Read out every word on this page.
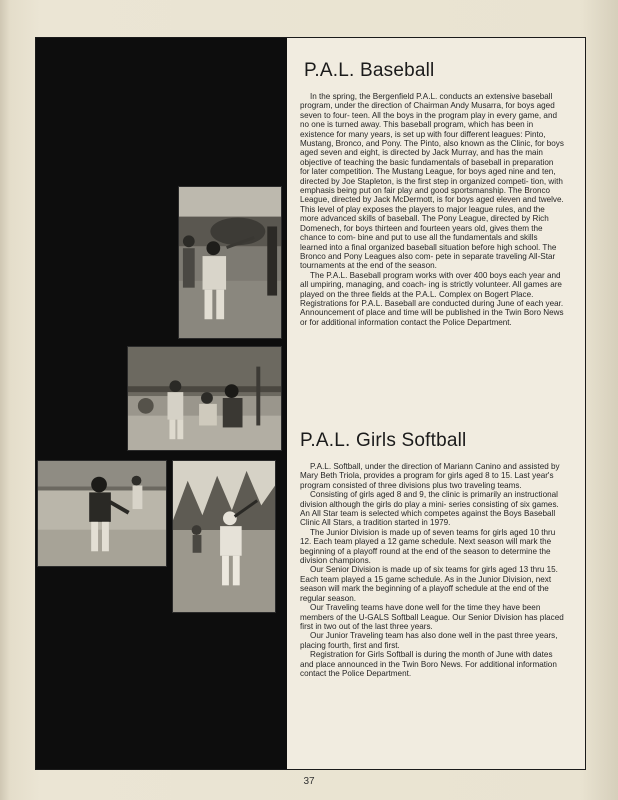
P.A.L. Baseball

In the spring, the Bergenfield P.A.L. conducts an extensive baseball program, under the direction of Chairman Andy Musarra, for boys aged seven to four- teen. All the boys in the program play in every game, and no one is turned away. This baseball program, which has been in existence for many years, is set up with four different leagues: Pinto, Mustang, Bronco, and Pony. The Pinto, also known as the Clinic, for boys aged seven and eight, is directed by Jack Murray, and has the main objective of teaching the basic fundamentals of baseball in preparation for later competition. The Mustang League, for boys aged nine and ten, directed by Joe Stapleton, is the first step in organized competi- tion, with emphasis being put on fair play and good sportsmanship. The Bronco League, directed by Jack McDermott, is for boys aged eleven and twelve. This level of play exposes the players to major league rules, and the more advanced skills of baseball. The Pony League, directed by Rich Domenech, for boys thirteen and fourteen years old, gives them the chance to com- bine and put to use all the fundamentals and skills learned into a final organized baseball situation before high school. The Bronco and Pony Leagues also com- pete in separate traveling All-Star tournaments at the end of the season.

The P.A.L. Baseball program works with over 400 boys each year and all umpiring, managing, and coach- ing is strictly volunteer. All games are played on the three fields at the P.A.L. Complex on Bogert Place. Registrations for P.A.L. Baseball are conducted during June of each year. Announcement of place and time will be published in the Twin Boro News or for additional information contact the Police Department.

P.A.L. Girls Softball

P.A.L. Softball, under the direction of Mariann Canino and assisted by Mary Beth Triola, provides a program for girls aged 8 to 15. Last year's program consisted of three divisions plus two traveling teams.

Consisting of girls aged 8 and 9, the clinic is primarily an instructional division although the girls do play a mini- series consisting of six games. An All Star team is selected which competes against the Boys Baseball Clinic All Stars, a tradition started in 1979.

The Junior Division is made up of seven teams for girls aged 10 thru 12. Each team played a 12 game schedule. Next season will mark the beginning of a playoff round at the end of the season to determine the division champions.

Our Senior Division is made up of six teams for girls aged 13 thru 15. Each team played a 15 game schedule. As in the Junior Division, next season will mark the beginning of a playoff schedule at the end of the regular season.

Our Traveling teams have done well for the time they have been members of the U-GALS Softball League. Our Senior Division has placed first in two out of the last three years.

Our Junior Traveling team has also done well in the past three years, placing fourth, first and first.

Registration for Girls Softball is during the month of June with dates and place announced in the Twin Boro News. For additional information contact the Police Department.

37
